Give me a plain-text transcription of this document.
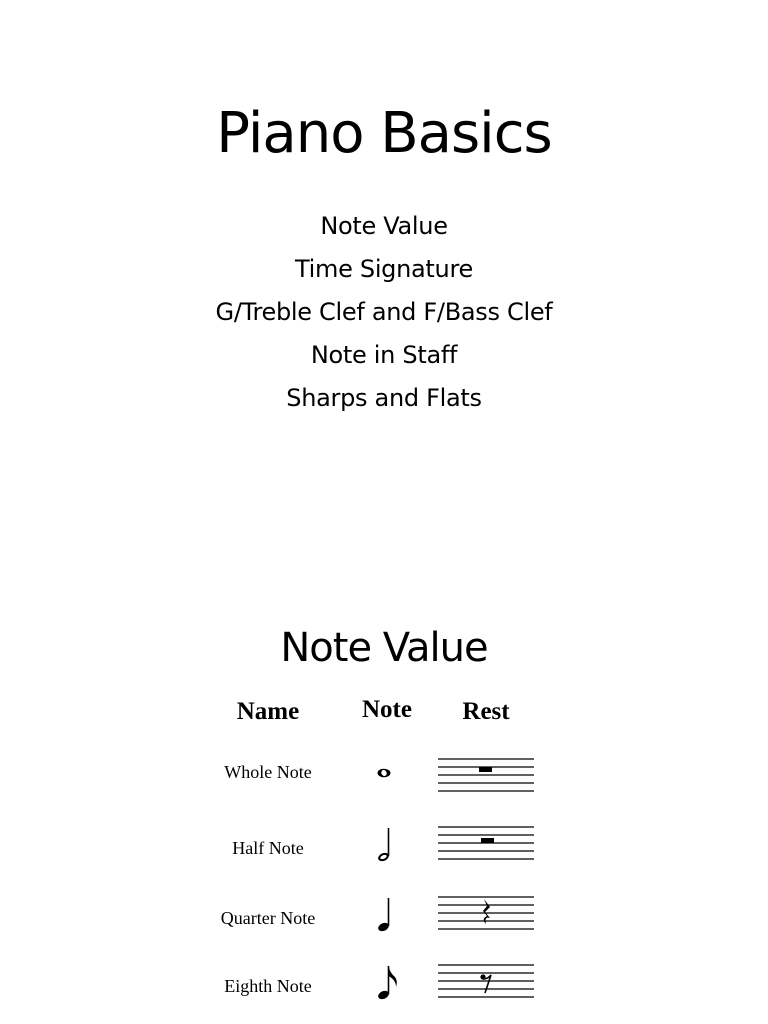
Piano Basics
Note Value
Time Signature
G/Treble Clef and F/Bass Clef
Note in Staff
Sharps and Flats
Note Value
Name	Note	Rest
Whole Note
Half Note
Quarter Note
Eighth Note
